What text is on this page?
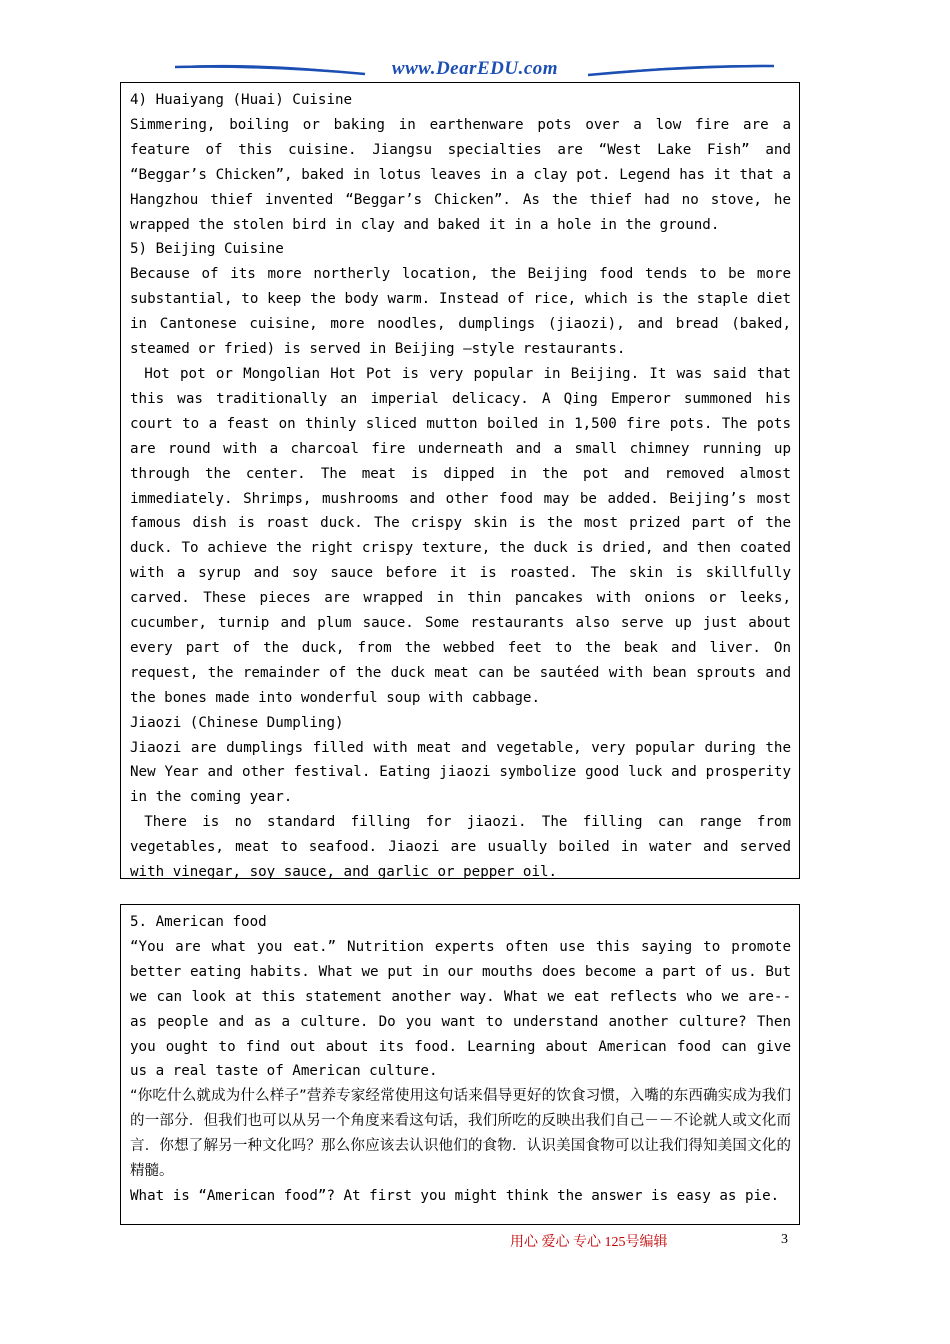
www.DearEDU.com

4) Huaiyang (Huai) Cuisine

Simmering, boiling or baking in earthenware pots over a low fire are a feature of this cuisine. Jiangsu specialties are “West Lake Fish” and “Beggar’s Chicken”, baked in lotus leaves in a clay pot. Legend has it that a Hangzhou thief invented “Beggar’s Chicken”. As the thief had no stove, he wrapped the stolen bird in clay and baked it in a hole in the ground.

5) Beijing Cuisine

Because of its more northerly location, the Beijing food tends to be more substantial, to keep the body warm. Instead of rice, which is the staple diet in Cantonese cuisine, more noodles, dumplings (jiaozi), and bread (baked, steamed or fried) is served in Beijing –style restaurants.

Hot pot or Mongolian Hot Pot is very popular in Beijing. It was said that this was traditionally an imperial delicacy. A Qing Emperor summoned his court to a feast on thinly sliced mutton boiled in 1,500 fire pots. The pots are round with a charcoal fire underneath and a small chimney running up through the center. The meat is dipped in the pot and removed almost immediately. Shrimps, mushrooms and other food may be added. Beijing’s most famous dish is roast duck. The crispy skin is the most prized part of the duck. To achieve the right crispy texture, the duck is dried, and then coated with a syrup and soy sauce before it is roasted. The skin is skillfully carved. These pieces are wrapped in thin pancakes with onions or leeks, cucumber, turnip and plum sauce. Some restaurants also serve up just about every part of the duck, from the webbed feet to the beak and liver. On request, the remainder of the duck meat can be sautéed with bean sprouts and the bones made into wonderful soup with cabbage.

Jiaozi (Chinese Dumpling)

Jiaozi are dumplings filled with meat and vegetable, very popular during the New Year and other festival. Eating jiaozi symbolize good luck and prosperity in the coming year.

There is no standard filling for jiaozi. The filling can range from vegetables, meat to seafood. Jiaozi are usually boiled in water and served with vinegar, soy sauce, and garlic or pepper oil.

5. American food

“You are what you eat.” Nutrition experts often use this saying to promote better eating habits. What we put in our mouths does become a part of us. But we can look at this statement another way. What we eat reflects who we are--as people and as a culture. Do you want to understand another culture? Then you ought to find out about its food. Learning about American food can give us a real taste of American culture.

“你吃什么就成为什么样子”营养专家经常使用这句话来倡导更好的饮食习惯，入嘴的东西确实成为我们的一部分．但我们也可以从另一个角度来看这句话，我们所吃的反映出我们自己－－不论就人或文化而言．你想了解另一种文化吗？那么你应该去认识他们的食物．认识美国食物可以让我们得知美国文化的精髓。

What is “American food”? At first you might think the answer is easy as pie.

用心 爱心 专心 125号编辑	3
